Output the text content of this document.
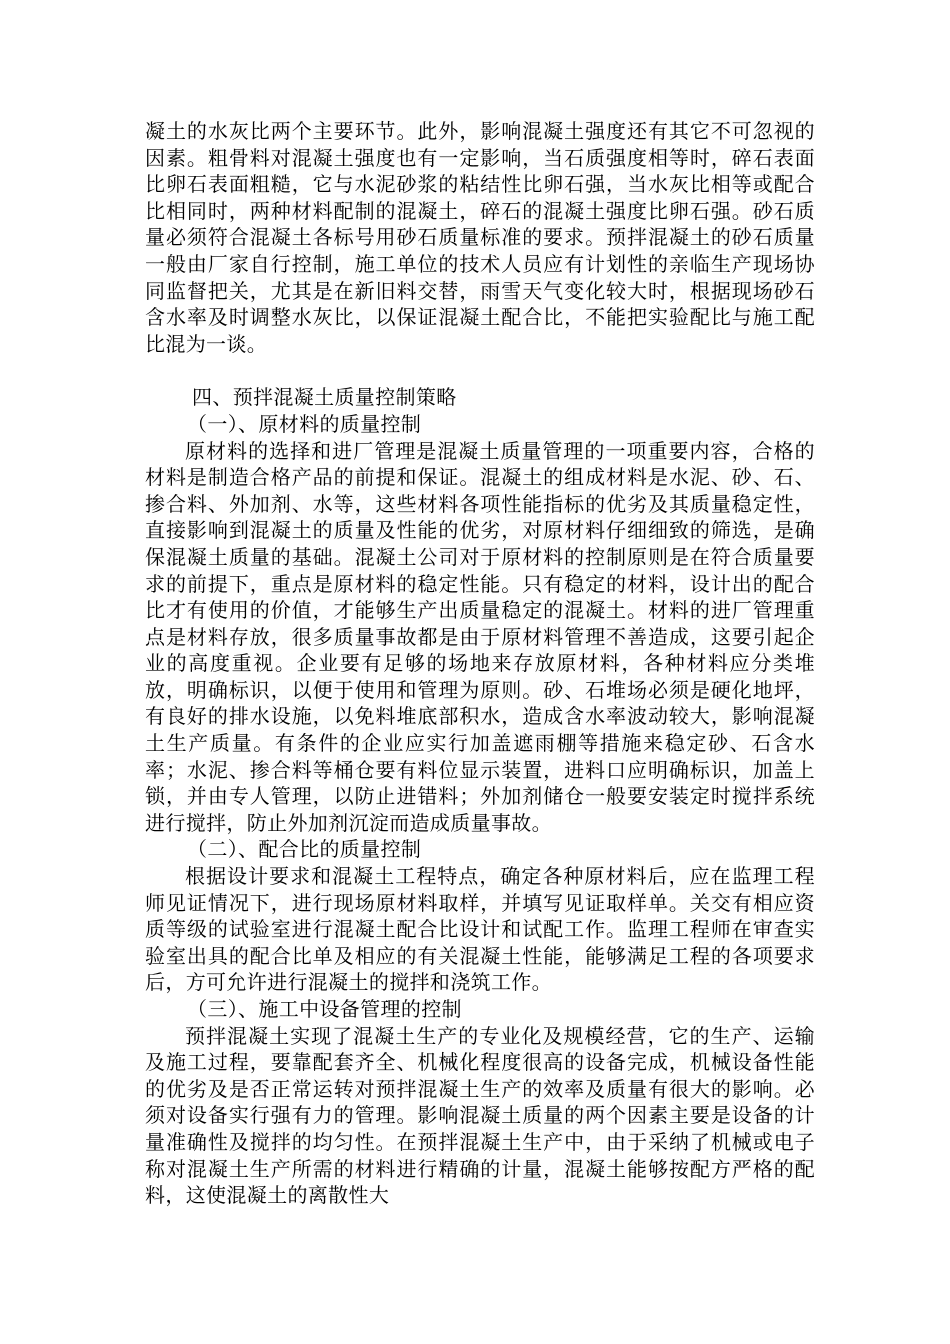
凝土的水灰比两个主要环节。此外，影响混凝土强度还有其它不可忽视的因素。粗骨料对混凝土强度也有一定影响，当石质强度相等时，碎石表面比卵石表面粗糙，它与水泥砂浆的粘结性比卵石强，当水灰比相等或配合比相同时，两种材料配制的混凝土，碎石的混凝土强度比卵石强。砂石质量必须符合混凝土各标号用砂石质量标准的要求。预拌混凝土的砂石质量一般由厂家自行控制，施工单位的技术人员应有计划性的亲临生产现场协同监督把关，尤其是在新旧料交替，雨雪天气变化较大时，根据现场砂石含水率及时调整水灰比，以保证混凝土配合比，不能把实验配比与施工配比混为一谈。

四、预拌混凝土质量控制策略

（一）、原材料的质量控制

原材料的选择和进厂管理是混凝土质量管理的一项重要内容，合格的材料是制造合格产品的前提和保证。混凝土的组成材料是水泥、砂、石、掺合料、外加剂、水等，这些材料各项性能指标的优劣及其质量稳定性，直接影响到混凝土的质量及性能的优劣，对原材料仔细细致的筛选，是确保混凝土质量的基础。混凝土公司对于原材料的控制原则是在符合质量要求的前提下，重点是原材料的稳定性能。只有稳定的材料，设计出的配合比才有使用的价值，才能够生产出质量稳定的混凝土。材料的进厂管理重点是材料存放，很多质量事故都是由于原材料管理不善造成，这要引起企业的高度重视。企业要有足够的场地来存放原材料，各种材料应分类堆放，明确标识，以便于使用和管理为原则。砂、石堆场必须是硬化地坪，有良好的排水设施，以免料堆底部积水，造成含水率波动较大，影响混凝土生产质量。有条件的企业应实行加盖遮雨棚等措施来稳定砂、石含水率；水泥、掺合料等桶仓要有料位显示装置，进料口应明确标识，加盖上锁，并由专人管理，以防止进错料；外加剂储仓一般要安装定时搅拌系统进行搅拌，防止外加剂沉淀而造成质量事故。

（二）、配合比的质量控制

根据设计要求和混凝土工程特点，确定各种原材料后，应在监理工程师见证情况下，进行现场原材料取样，并填写见证取样单。关交有相应资质等级的试验室进行混凝土配合比设计和试配工作。监理工程师在审查实验室出具的配合比单及相应的有关混凝土性能，能够满足工程的各项要求后，方可允许进行混凝土的搅拌和浇筑工作。

（三）、施工中设备管理的控制

预拌混凝土实现了混凝土生产的专业化及规模经营，它的生产、运输及施工过程，要靠配套齐全、机械化程度很高的设备完成，机械设备性能的优劣及是否正常运转对预拌混凝土生产的效率及质量有很大的影响。必须对设备实行强有力的管理。影响混凝土质量的两个因素主要是设备的计量准确性及搅拌的均匀性。在预拌混凝土生产中，由于采纳了机械或电子称对混凝土生产所需的材料进行精确的计量，混凝土能够按配方严格的配料，这使混凝土的离散性大
